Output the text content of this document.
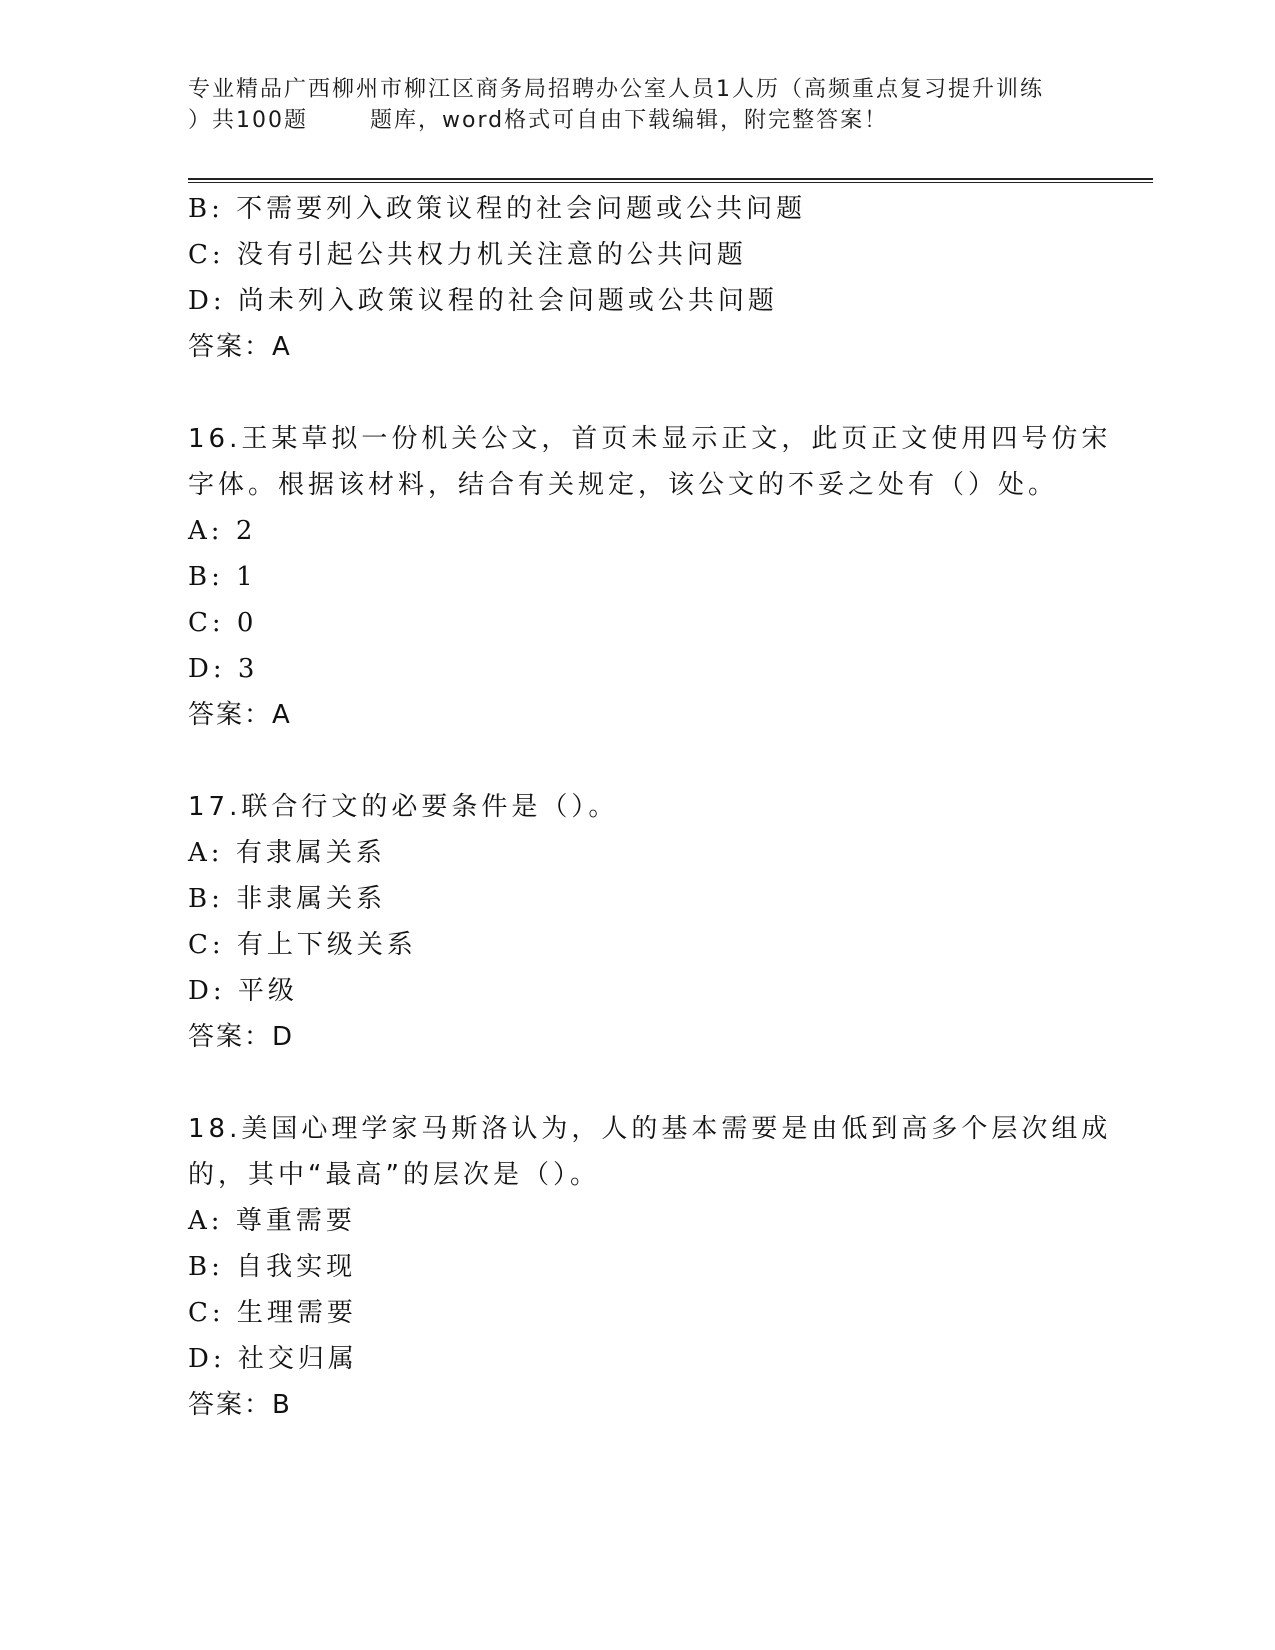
专业精品广西柳州市柳江区商务局招聘办公室人员1人历（高频重点复习提升训练
）共100题	题库，word格式可自由下载编辑，附完整答案！
B: 不需要列入政策议程的社会问题或公共问题
C: 没有引起公共权力机关注意的公共问题
D: 尚未列入政策议程的社会问题或公共问题
答案：A
16.王某草拟一份机关公文，首页未显示正文，此页正文使用四号仿宋
字体。根据该材料，结合有关规定，该公文的不妥之处有（）处。
A: 2
B: 1
C: 0
D: 3
答案：A
17.联合行文的必要条件是（）。
A: 有隶属关系
B: 非隶属关系
C: 有上下级关系
D: 平级
答案：D
18.美国心理学家马斯洛认为，人的基本需要是由低到高多个层次组成
的，其中“最高”的层次是（）。
A: 尊重需要
B: 自我实现
C: 生理需要
D: 社交归属
答案：B
